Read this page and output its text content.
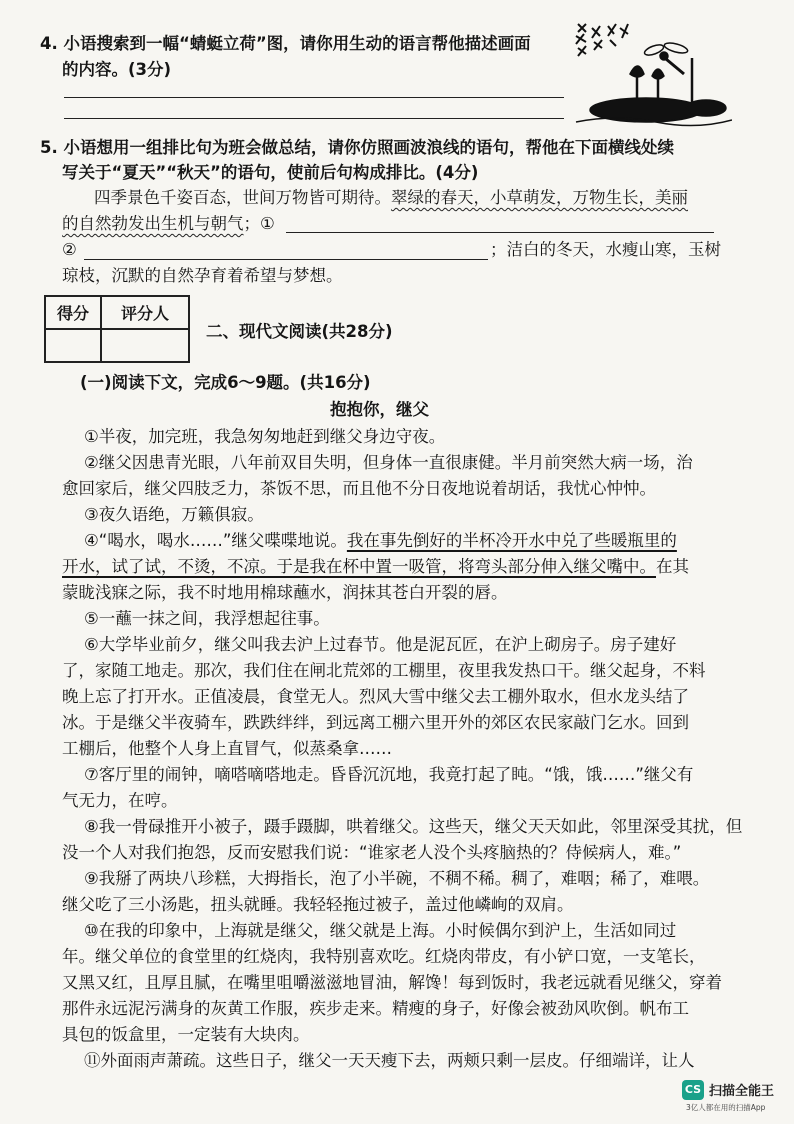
4. 小语搜索到一幅“蜻蜓立荷”图，请你用生动的语言帮他描述画面
的内容。(3分)
5. 小语想用一组排比句为班会做总结，请你仿照画波浪线的语句，帮他在下面横线处续
写关于“夏天”“秋天”的语句，使前后句构成排比。(4分)
四季景色千姿百态，世间万物皆可期待。翠绿的春天，小草萌发，万物生长，美丽
的自然勃发出生机与朝气；①
②	；洁白的冬天，水瘦山寒，玉树
琼枝，沉默的自然孕育着希望与梦想。
得分	评分人

二、现代文阅读(共28分)
(一)阅读下文，完成6～9题。(共16分)
抱抱你，继父
①半夜，加完班，我急匆匆地赶到继父身边守夜。
②继父因患青光眼，八年前双目失明，但身体一直很康健。半月前突然大病一场，治
愈回家后，继父四肢乏力，茶饭不思，而且他不分日夜地说着胡话，我忧心忡忡。
③夜久语绝，万籁俱寂。
④“喝水，喝水……”继父喋喋地说。我在事先倒好的半杯冷开水中兑了些暖瓶里的
开水，试了试，不烫，不凉。于是我在杯中置一吸管，将弯头部分伸入继父嘴中。在其
蒙眬浅寐之际，我不时地用棉球蘸水，润抹其苍白开裂的唇。
⑤一蘸一抹之间，我浮想起往事。
⑥大学毕业前夕，继父叫我去沪上过春节。他是泥瓦匠，在沪上砌房子。房子建好
了，家随工地走。那次，我们住在闸北荒郊的工棚里，夜里我发热口干。继父起身，不料
晚上忘了打开水。正值凌晨，食堂无人。烈风大雪中继父去工棚外取水，但水龙头结了
冰。于是继父半夜骑车，跌跌绊绊，到远离工棚六里开外的郊区农民家敲门乞水。回到
工棚后，他整个人身上直冒气，似蒸桑拿……
⑦客厅里的闹钟，嘀嗒嘀嗒地走。昏昏沉沉地，我竟打起了盹。“饿，饿……”继父有
气无力，在哼。
⑧我一骨碌推开小被子，蹑手蹑脚，哄着继父。这些天，继父天天如此，邻里深受其扰，但
没一个人对我们抱怨，反而安慰我们说：“谁家老人没个头疼脑热的？侍候病人，难。”
⑨我掰了两块八珍糕，大拇指长，泡了小半碗，不稠不稀。稠了，难咽；稀了，难喂。
继父吃了三小汤匙，扭头就睡。我轻轻拖过被子，盖过他嶙峋的双肩。
⑩在我的印象中，上海就是继父，继父就是上海。小时候偶尔到沪上，生活如同过
年。继父单位的食堂里的红烧肉，我特别喜欢吃。红烧肉带皮，有小铲口宽，一支笔长，
又黑又红，且厚且腻，在嘴里咀嚼滋滋地冒油，解馋！每到饭时，我老远就看见继父，穿着
那件永远泥污满身的灰黄工作服，疾步走来。精瘦的身子，好像会被劲风吹倒。帆布工
具包的饭盒里，一定装有大块肉。
⑪外面雨声萧疏。这些日子，继父一天天瘦下去，两颊只剩一层皮。仔细端详，让人
CS 扫描全能王
3亿人都在用的扫描App
